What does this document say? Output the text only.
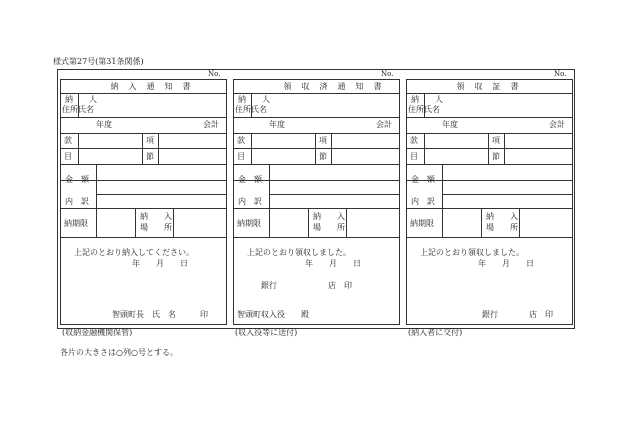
様式第27号(第31条関係)
No.
納入通知書
納　　人
住所氏名
年度	会計
款	項
目	節
金　額
内　訳
納期限
納　　入
場　　所
上記のとおり納入してください。
年　　月　　日
智頭町長　氏　名　　　印
(収納金融機関保管)
No.
領収済通知書
納　　人
住所氏名
年度	会計
款	項
目	節
金　額
内　訳
納期限
納　　入
場　　所
上記のとおり領収しました。
年　　月　　日
銀行	店　印
智頭町収入役　　殿
(収入役等に送付)
No.
領収証書
納　　人
住所氏名
年度	会計
款	項
目	節
金　額
内　訳
納期限
納　　入
場　　所
上記のとおり領収しました。
年　　月　　日
銀行	店　印
(納入者に交付)
各片の大きさは○列○号とする。
